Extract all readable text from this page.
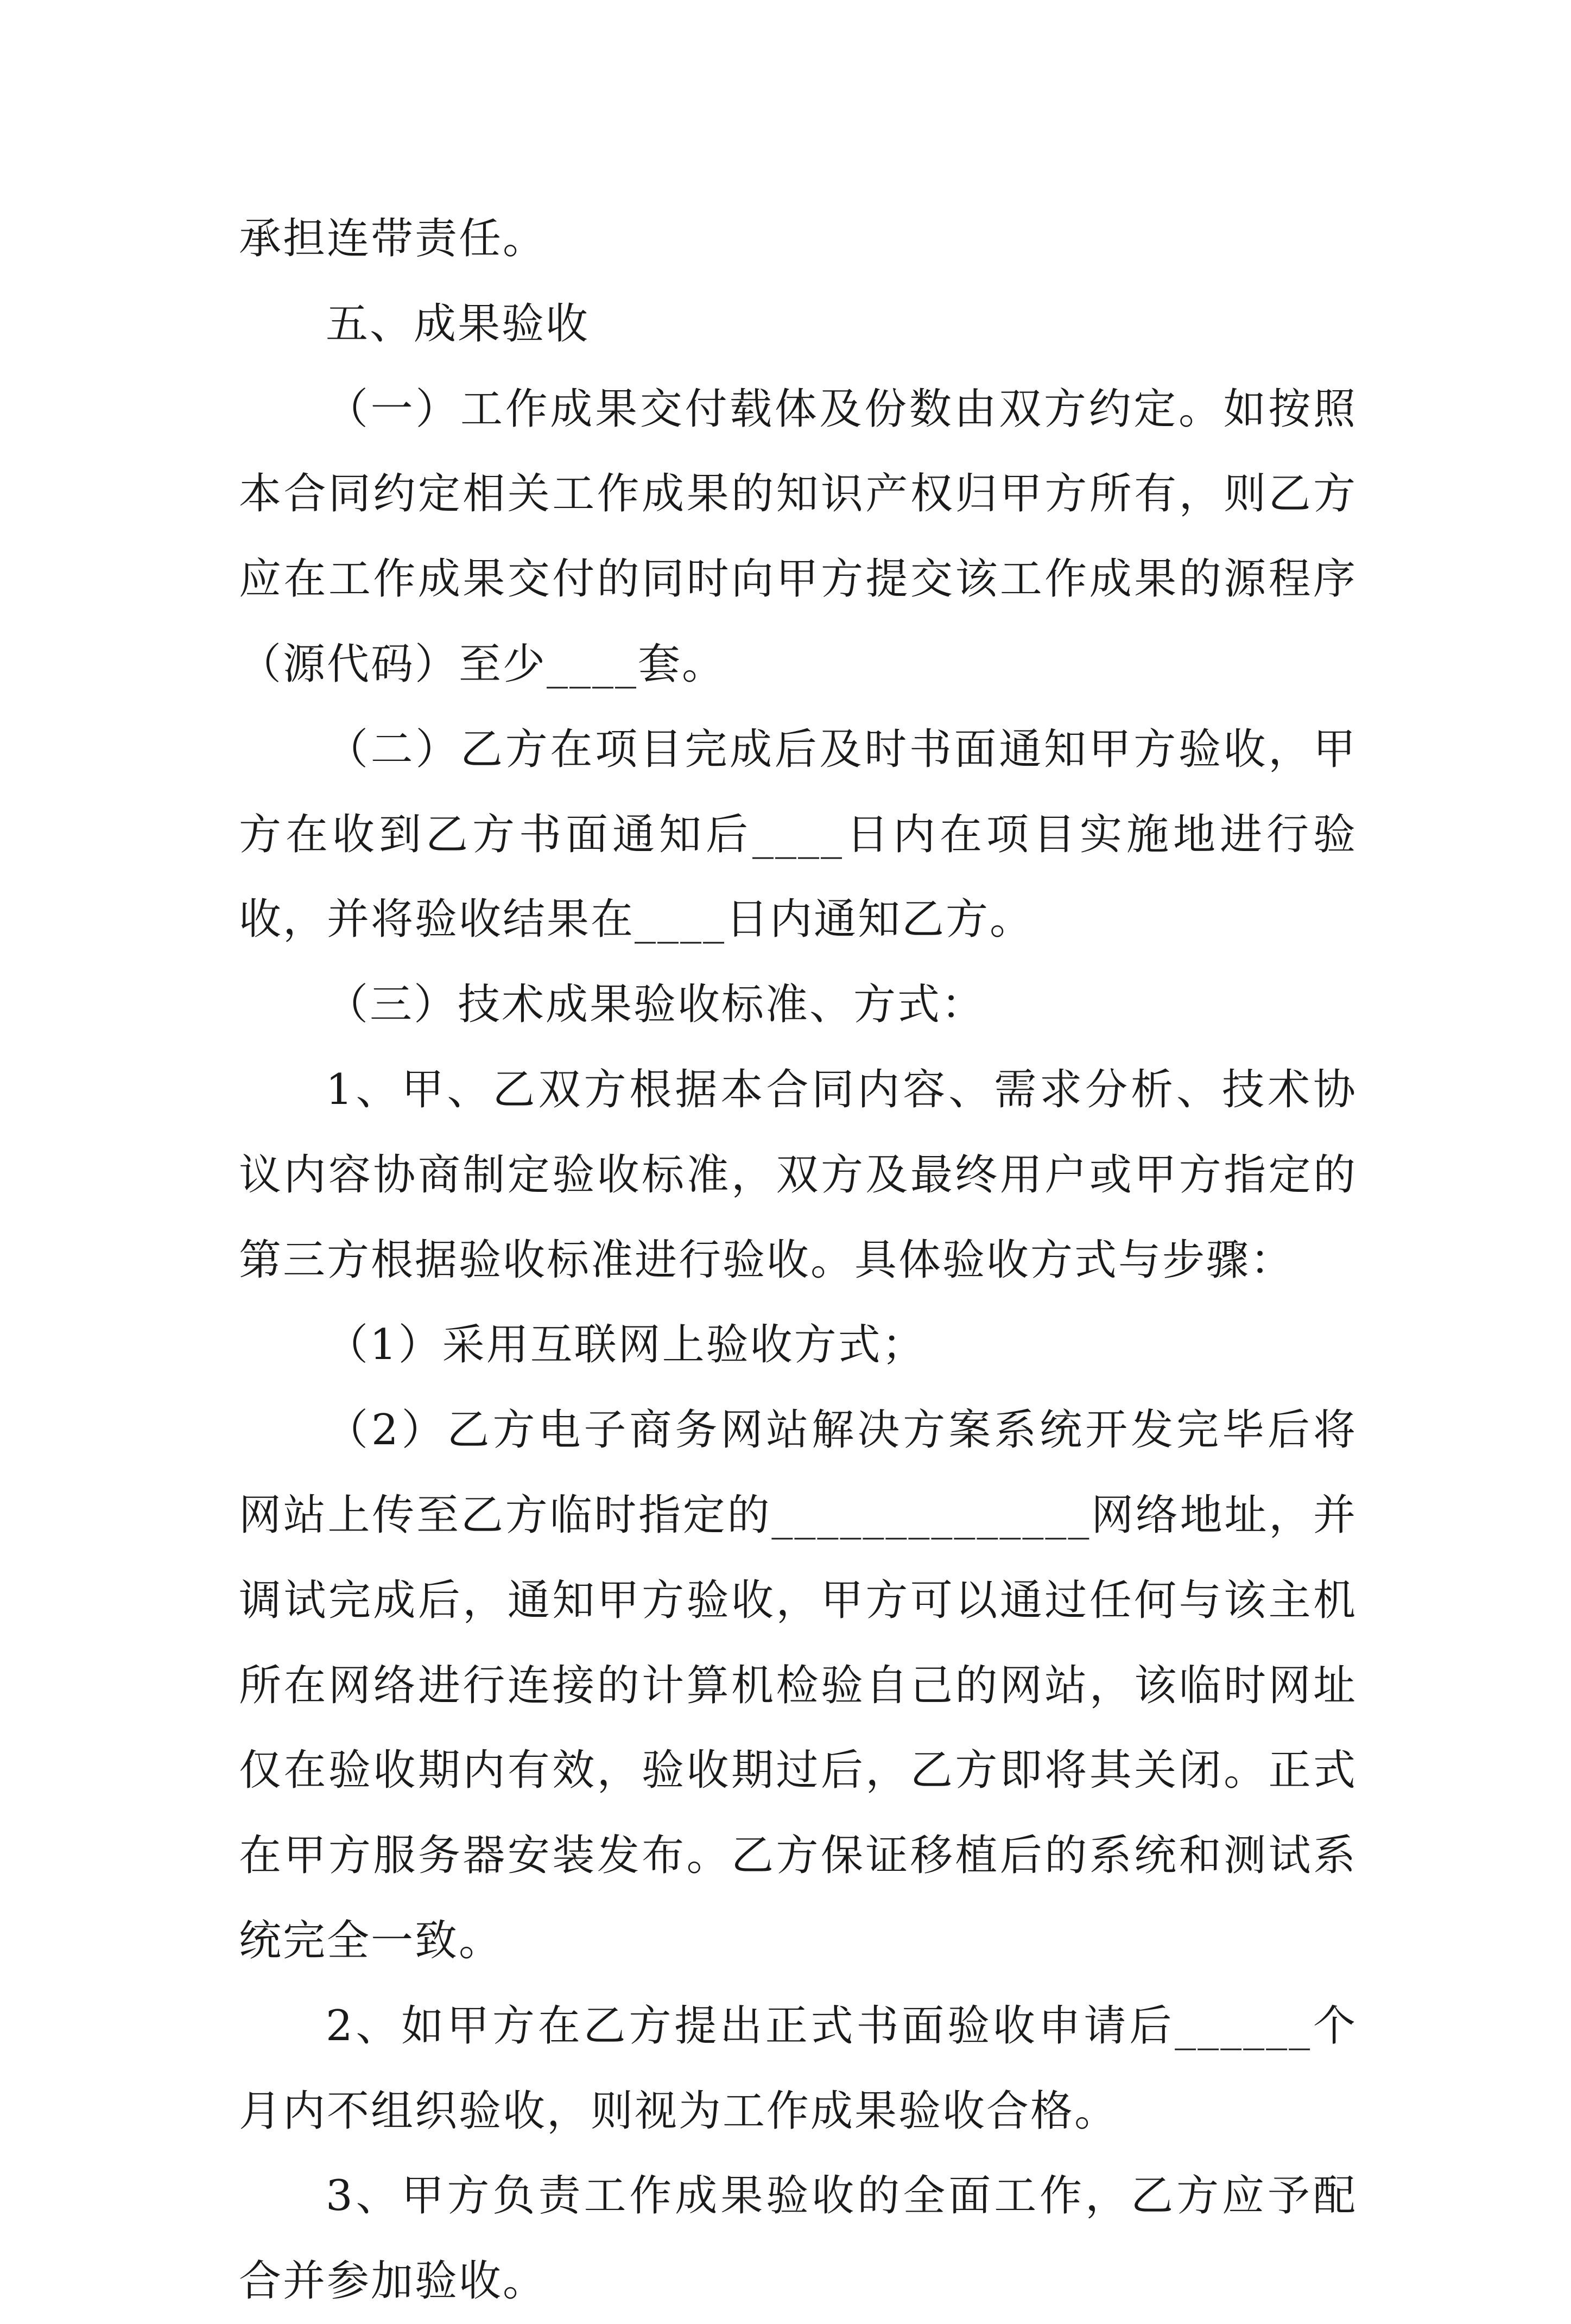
承担连带责任。

五、成果验收

（一）工作成果交付载体及份数由双方约定。如按照本合同约定相关工作成果的知识产权归甲方所有，则乙方应在工作成果交付的同时向甲方提交该工作成果的源程序（源代码）至少____套。

（二）乙方在项目完成后及时书面通知甲方验收，甲方在收到乙方书面通知后____日内在项目实施地进行验收，并将验收结果在____日内通知乙方。

（三）技术成果验收标准、方式：

1、甲、乙双方根据本合同内容、需求分析、技术协议内容协商制定验收标准，双方及最终用户或甲方指定的第三方根据验收标准进行验收。具体验收方式与步骤：

（1）采用互联网上验收方式；

（2）乙方电子商务网站解决方案系统开发完毕后将网站上传至乙方临时指定的______________网络地址，并调试完成后，通知甲方验收，甲方可以通过任何与该主机所在网络进行连接的计算机检验自己的网站，该临时网址仅在验收期内有效，验收期过后，乙方即将其关闭。正式在甲方服务器安装发布。乙方保证移植后的系统和测试系统完全一致。

2、如甲方在乙方提出正式书面验收申请后______个月内不组织验收，则视为工作成果验收合格。

3、甲方负责工作成果验收的全面工作，乙方应予配合并参加验收。
